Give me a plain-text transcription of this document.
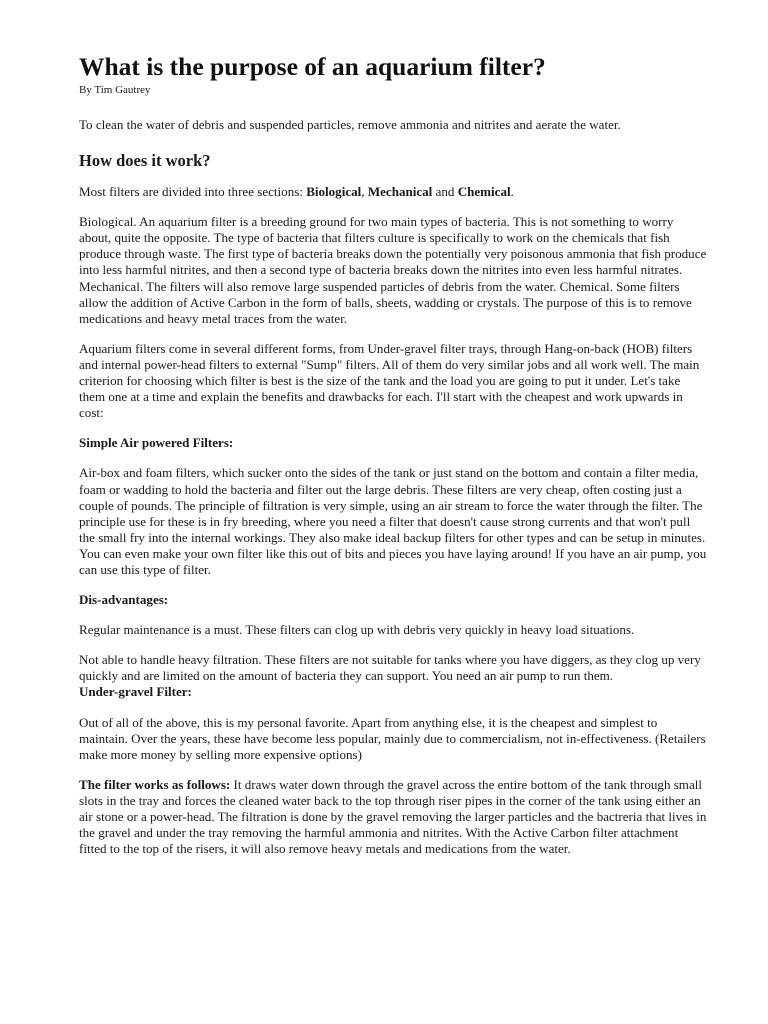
What is the purpose of an aquarium filter?
By Tim Gautrey

To clean the water of debris and suspended particles, remove ammonia and nitrites and aerate the water.

How does it work?

Most filters are divided into three sections: Biological, Mechanical and Chemical.

Biological. An aquarium filter is a breeding ground for two main types of bacteria. This is not something to worry about, quite the opposite. The type of bacteria that filters culture is specifically to work on the chemicals that fish produce through waste. The first type of bacteria breaks down the potentially very poisonous ammonia that fish produce into less harmful nitrites, and then a second type of bacteria breaks down the nitrites into even less harmful nitrates. Mechanical. The filters will also remove large suspended particles of debris from the water. Chemical. Some filters allow the addition of Active Carbon in the form of balls, sheets, wadding or crystals. The purpose of this is to remove medications and heavy metal traces from the water.

Aquarium filters come in several different forms, from Under-gravel filter trays, through Hang-on-back (HOB) filters and internal power-head filters to external "Sump" filters. All of them do very similar jobs and all work well. The main criterion for choosing which filter is best is the size of the tank and the load you are going to put it under. Let's take them one at a time and explain the benefits and drawbacks for each. I'll start with the cheapest and work upwards in cost:

Simple Air powered Filters:

Air-box and foam filters, which sucker onto the sides of the tank or just stand on the bottom and contain a filter media, foam or wadding to hold the bacteria and filter out the large debris. These filters are very cheap, often costing just a couple of pounds. The principle of filtration is very simple, using an air stream to force the water through the filter. The principle use for these is in fry breeding, where you need a filter that doesn't cause strong currents and that won't pull the small fry into the internal workings. They also make ideal backup filters for other types and can be setup in minutes. You can even make your own filter like this out of bits and pieces you have laying around! If you have an air pump, you can use this type of filter.

Dis-advantages:

Regular maintenance is a must. These filters can clog up with debris very quickly in heavy load situations.

Not able to handle heavy filtration. These filters are not suitable for tanks where you have diggers, as they clog up very quickly and are limited on the amount of bacteria they can support. You need an air pump to run them.

Under-gravel Filter:

Out of all of the above, this is my personal favorite. Apart from anything else, it is the cheapest and simplest to maintain. Over the years, these have become less popular, mainly due to commercialism, not in-effectiveness. (Retailers make more money by selling more expensive options)

The filter works as follows: It draws water down through the gravel across the entire bottom of the tank through small slots in the tray and forces the cleaned water back to the top through riser pipes in the corner of the tank using either an air stone or a power-head. The filtration is done by the gravel removing the larger particles and the bactreria that lives in the gravel and under the tray removing the harmful ammonia and nitrites. With the Active Carbon filter attachment fitted to the top of the risers, it will also remove heavy metals and medications from the water.
